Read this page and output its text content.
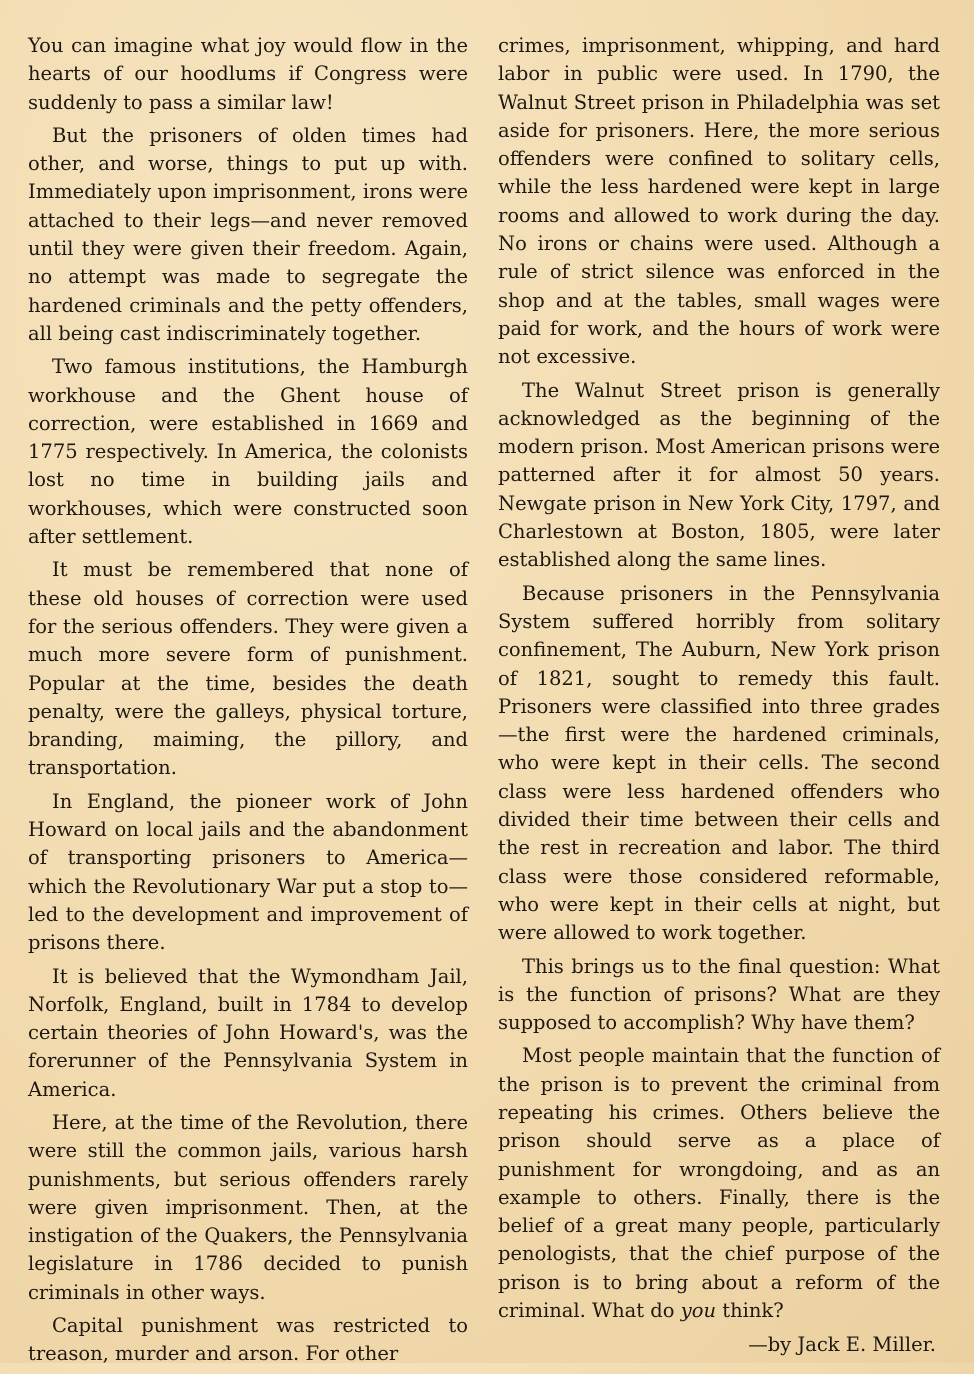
You can imagine what joy would flow in the hearts of our hoodlums if Congress were suddenly to pass a similar law!

But the prisoners of olden times had other, and worse, things to put up with. Immediately upon imprisonment, irons were attached to their legs—and never removed until they were given their freedom. Again, no attempt was made to segregate the hardened criminals and the petty offenders, all being cast indiscriminately together.

Two famous institutions, the Hamburgh workhouse and the Ghent house of correction, were established in 1669 and 1775 respectively. In America, the colonists lost no time in building jails and workhouses, which were constructed soon after settlement.

It must be remembered that none of these old houses of correction were used for the serious offenders. They were given a much more severe form of punishment. Popular at the time, besides the death penalty, were the galleys, physical torture, branding, maiming, the pillory, and transportation.

In England, the pioneer work of John Howard on local jails and the abandonment of transporting prisoners to America—which the Revolutionary War put a stop to—led to the development and improvement of prisons there.

It is believed that the Wymondham Jail, Norfolk, England, built in 1784 to develop certain theories of John Howard's, was the forerunner of the Pennsylvania System in America.

Here, at the time of the Revolution, there were still the common jails, various harsh punishments, but serious offenders rarely were given imprisonment. Then, at the instigation of the Quakers, the Pennsylvania legislature in 1786 decided to punish criminals in other ways.

Capital punishment was restricted to treason, murder and arson. For other

crimes, imprisonment, whipping, and hard labor in public were used. In 1790, the Walnut Street prison in Philadelphia was set aside for prisoners. Here, the more serious offenders were confined to solitary cells, while the less hardened were kept in large rooms and allowed to work during the day. No irons or chains were used. Although a rule of strict silence was enforced in the shop and at the tables, small wages were paid for work, and the hours of work were not excessive.

The Walnut Street prison is generally acknowledged as the beginning of the modern prison. Most American prisons were patterned after it for almost 50 years. Newgate prison in New York City, 1797, and Charlestown at Boston, 1805, were later established along the same lines.

Because prisoners in the Pennsylvania System suffered horribly from solitary confinement, The Auburn, New York prison of 1821, sought to remedy this fault. Prisoners were classified into three grades—the first were the hardened criminals, who were kept in their cells. The second class were less hardened offenders who divided their time between their cells and the rest in recreation and labor. The third class were those considered reformable, who were kept in their cells at night, but were allowed to work together.

This brings us to the final question: What is the function of prisons? What are they supposed to accomplish? Why have them?

Most people maintain that the function of the prison is to prevent the criminal from repeating his crimes. Others believe the prison should serve as a place of punishment for wrongdoing, and as an example to others. Finally, there is the belief of a great many people, particularly penologists, that the chief purpose of the prison is to bring about a reform of the criminal. What do you think?

—by Jack E. Miller.
